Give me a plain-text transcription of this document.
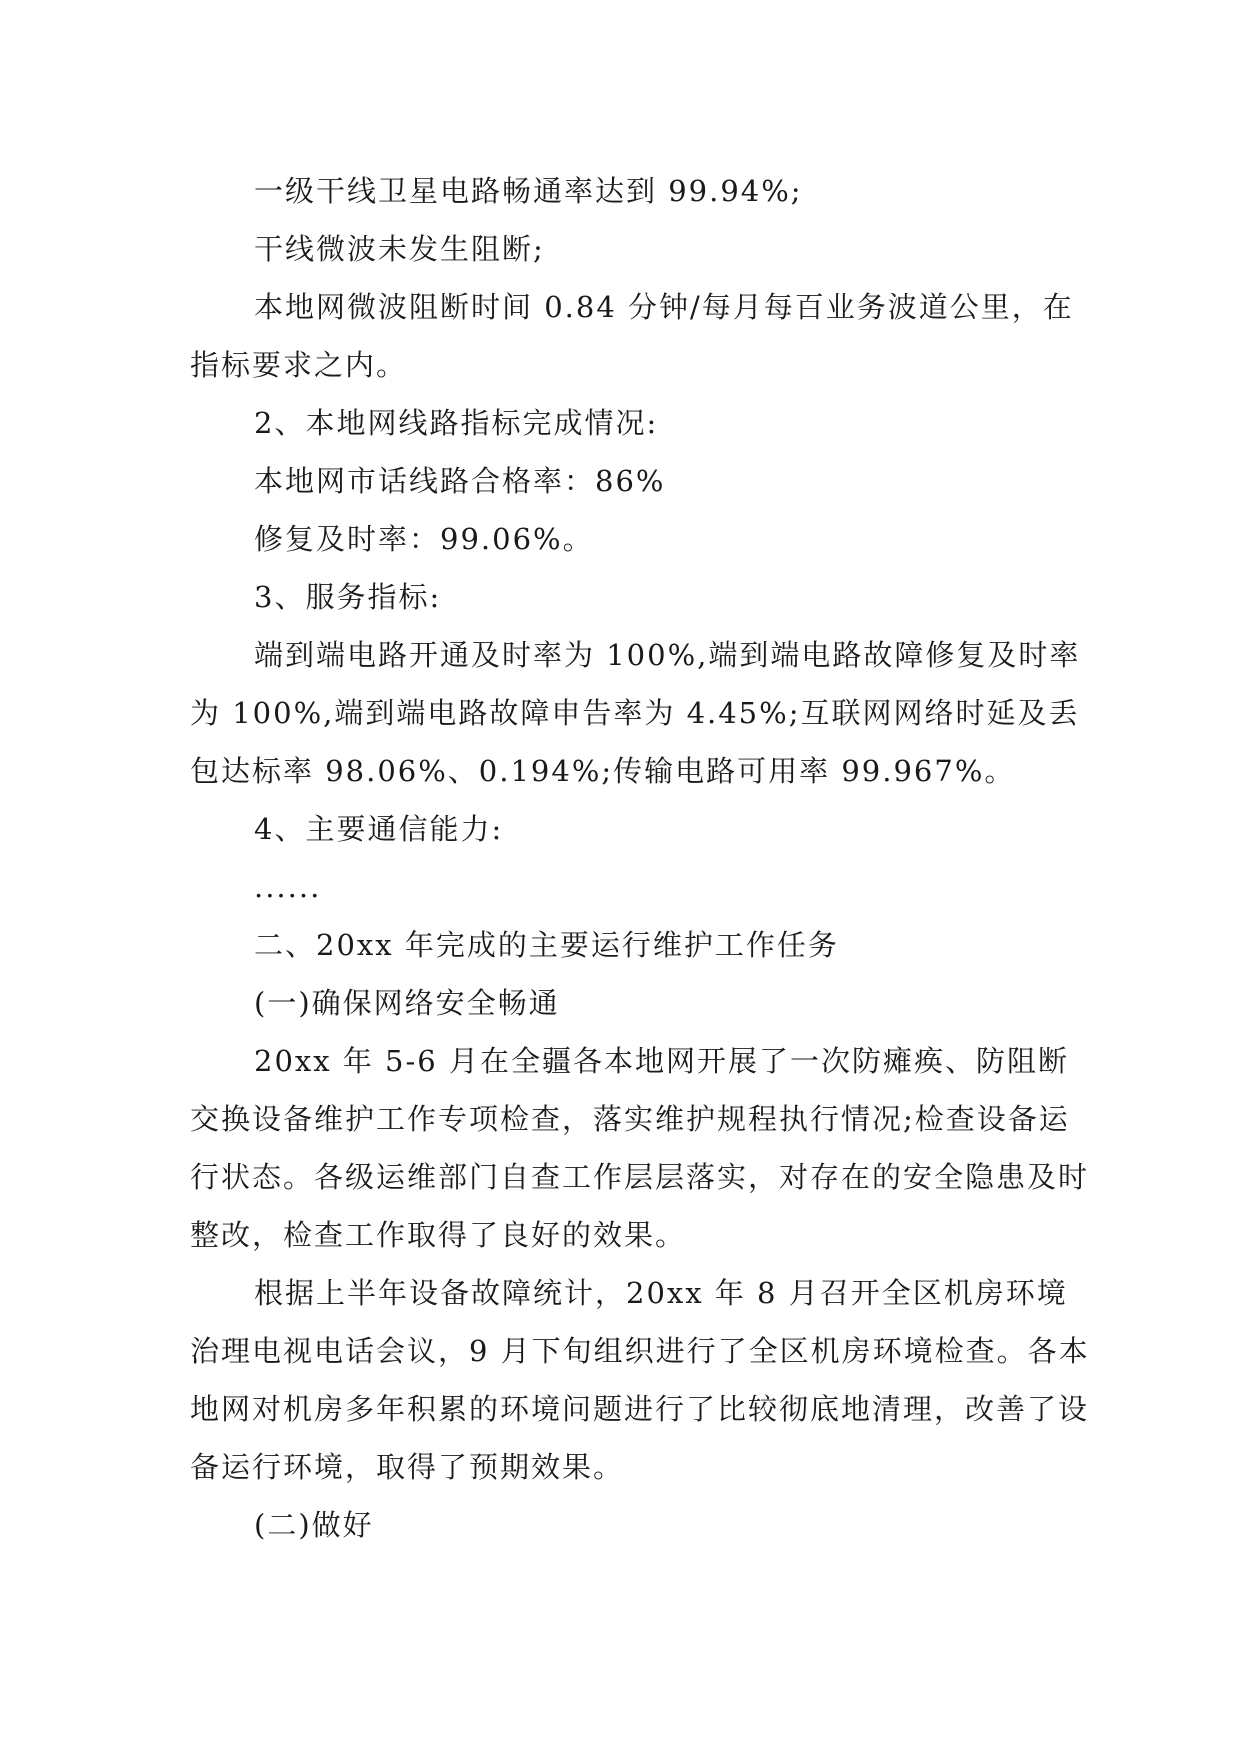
一级干线卫星电路畅通率达到 99.94%;

干线微波未发生阻断;

本地网微波阻断时间 0.84 分钟/每月每百业务波道公里，在指标要求之内。

2、本地网线路指标完成情况:

本地网市话线路合格率：86%

修复及时率：99.06%。

3、服务指标:

端到端电路开通及时率为 100%,端到端电路故障修复及时率为 100%,端到端电路故障申告率为 4.45%;互联网网络时延及丢包达标率 98.06%、0.194%;传输电路可用率 99.967%。

4、主要通信能力:

......

二、20xx 年完成的主要运行维护工作任务

(一)确保网络安全畅通

20xx 年 5-6 月在全疆各本地网开展了一次防瘫痪、防阻断交换设备维护工作专项检查，落实维护规程执行情况;检查设备运行状态。各级运维部门自查工作层层落实，对存在的安全隐患及时整改，检查工作取得了良好的效果。

根据上半年设备故障统计，20xx 年 8 月召开全区机房环境治理电视电话会议，9 月下旬组织进行了全区机房环境检查。各本地网对机房多年积累的环境问题进行了比较彻底地清理，改善了设备运行环境，取得了预期效果。

(二)做好
